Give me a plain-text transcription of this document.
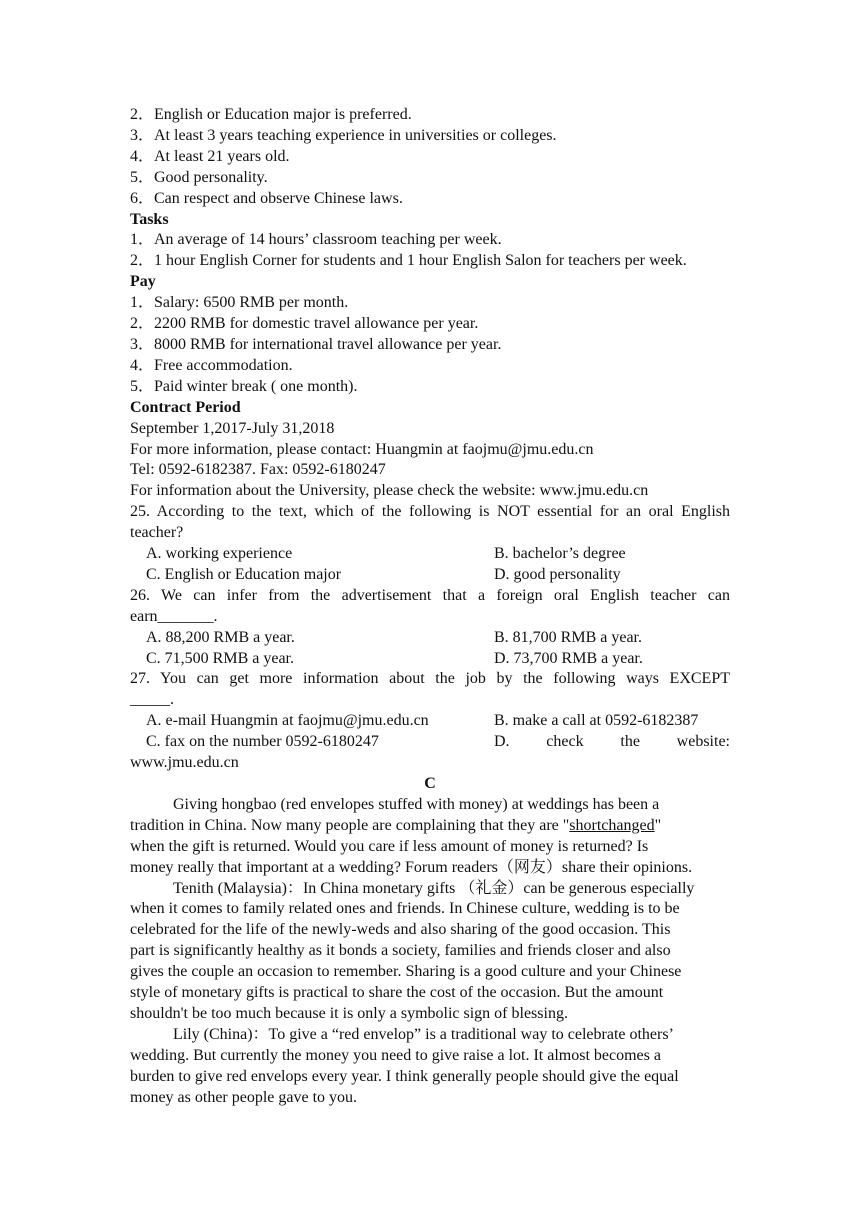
2．English or Education major is preferred.
3．At least 3 years teaching experience in universities or colleges.
4．At least 21 years old.
5．Good personality.
6．Can respect and observe Chinese laws.
Tasks
1．An average of 14 hours’ classroom teaching per week.
2．1 hour English Corner for students and 1 hour English Salon for teachers per week.
Pay
1．Salary: 6500 RMB per month.
2．2200 RMB for domestic travel allowance per year.
3．8000 RMB for international travel allowance per year.
4．Free accommodation.
5．Paid winter break ( one month).
Contract Period
September 1,2017-July 31,2018
For more information, please contact: Huangmin at faojmu@jmu.edu.cn
Tel: 0592-6182387. Fax: 0592-6180247
For information about the University, please check the website: www.jmu.edu.cn
25. According to the text, which of the following is NOT essential for an oral English
teacher?
A. working experience	B. bachelor’s degree
C. English or Education major	D. good personality
26. We can infer from the advertisement that a foreign oral English teacher can
earn_______.
A. 88,200 RMB a year.	B. 81,700 RMB a year.
C. 71,500 RMB a year.	D. 73,700 RMB a year.
27. You can get more information about the job by the following ways EXCEPT
_____.
A. e-mail Huangmin at faojmu@jmu.edu.cn	B. make a call at 0592-6182387
C. fax on the number 0592-6180247	D. check the website:
www.jmu.edu.cn
C
Giving hongbao (red envelopes stuffed with money) at weddings has been a
tradition in China. Now many people are complaining that they are "shortchanged"
when the gift is returned. Would you care if less amount of money is returned? Is
money really that important at a wedding? Forum readers（网友）share their opinions.
Tenith (Malaysia)：In China monetary gifts （礼金）can be generous especially
when it comes to family related ones and friends. In Chinese culture, wedding is to be
celebrated for the life of the newly-weds and also sharing of the good occasion. This
part is significantly healthy as it bonds a society, families and friends closer and also
gives the couple an occasion to remember. Sharing is a good culture and your Chinese
style of monetary gifts is practical to share the cost of the occasion. But the amount
shouldn't be too much because it is only a symbolic sign of blessing.
Lily (China)：To give a “red envelop” is a traditional way to celebrate others’
wedding. But currently the money you need to give raise a lot. It almost becomes a
burden to give red envelops every year. I think generally people should give the equal
money as other people gave to you.
